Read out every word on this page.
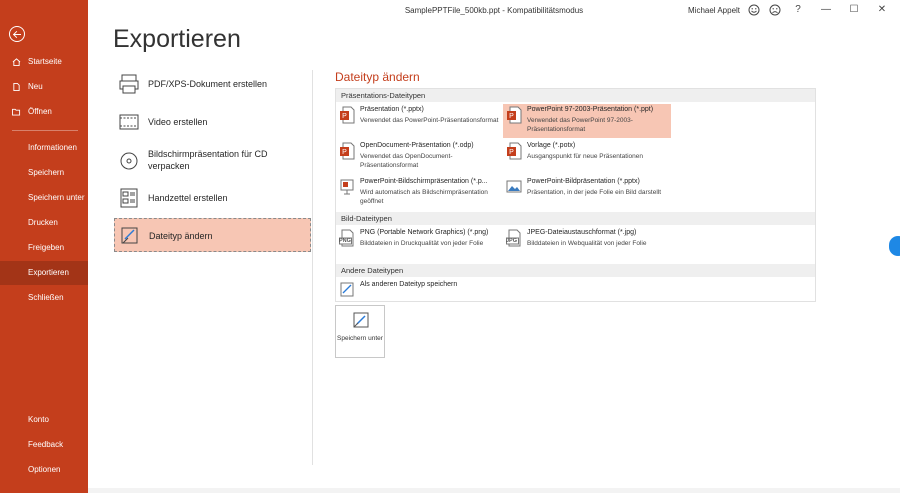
Startseite
Neu
Öffnen
Informationen
Speichern
Speichern unter
Drucken
Freigeben
Exportieren
Schließen
Konto
Feedback
Optionen
SamplePPTFile_500kb.ppt - Kompatibilitätsmodus	Michael Appelt	?	—	☐	✕
Exportieren
PDF/XPS-Dokument erstellen
Video erstellen
Bildschirmpräsentation für CD verpacken
Handzettel erstellen
Dateityp ändern
Dateityp ändern
Präsentations-Dateitypen
P
Präsentation (*.pptx)
Verwendet das PowerPoint-Präsentationsformat
P
PowerPoint 97-2003-Präsentation (*.ppt)
Verwendet das PowerPoint 97-2003-Präsentationsformat
P
OpenDocument-Präsentation (*.odp)
Verwendet das OpenDocument-Präsentationsformat
P
Vorlage (*.potx)
Ausgangspunkt für neue Präsentationen
PowerPoint-Bildschirmpräsentation (*.p...
Wird automatisch als Bildschirmpräsentation geöffnet
PowerPoint-Bildpräsentation (*.pptx)
Präsentation, in der jede Folie ein Bild darstellt
Bild-Dateitypen
PNG (Portable Network Graphics) (*.png)
Bilddateien in Druckqualität von jeder Folie
JPEG-Dateiaustauschformat (*.jpg)
Bilddateien in Webqualität von jeder Folie
Andere Dateitypen
Als anderen Dateityp speichern
PNG	JPG
Speichern unter
